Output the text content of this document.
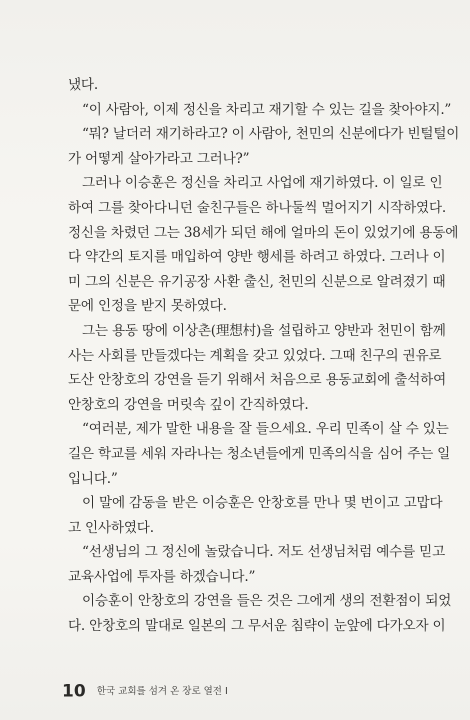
냈다.
“이 사람아, 이제 정신을 차리고 재기할 수 있는 길을 찾아야지.”
“뭐? 날더러 재기하라고? 이 사람아, 천민의 신분에다가 빈털털이
가 어떻게 살아가라고 그러나?”
그러나 이승훈은 정신을 차리고 사업에 재기하였다. 이 일로 인
하여 그를 찾아다니던 술친구들은 하나둘씩 멀어지기 시작하였다.
정신을 차렸던 그는 38세가 되던 해에 얼마의 돈이 있었기에 용동에
다 약간의 토지를 매입하여 양반 행세를 하려고 하였다. 그러나 이
미 그의 신분은 유기공장 사환 출신, 천민의 신분으로 알려졌기 때
문에 인정을 받지 못하였다.
그는 용동 땅에 이상촌(理想村)을 설립하고 양반과 천민이 함께
사는 사회를 만들겠다는 계획을 갖고 있었다. 그때 친구의 권유로
도산 안창호의 강연을 듣기 위해서 처음으로 용동교회에 출석하여
안창호의 강연을 머릿속 깊이 간직하였다.
“여러분, 제가 말한 내용을 잘 들으세요. 우리 민족이 살 수 있는
길은 학교를 세워 자라나는 청소년들에게 민족의식을 심어 주는 일
입니다.”
이 말에 감동을 받은 이승훈은 안창호를 만나 몇 번이고 고맙다
고 인사하였다.
“선생님의 그 정신에 놀랐습니다. 저도 선생님처럼 예수를 믿고
교육사업에 투자를 하겠습니다.”
이승훈이 안창호의 강연을 들은 것은 그에게 생의 전환점이 되었
다. 안창호의 말대로 일본의 그 무서운 침략이 눈앞에 다가오자 이
10 한국 교회를 섬겨 온 장로 열전 I
